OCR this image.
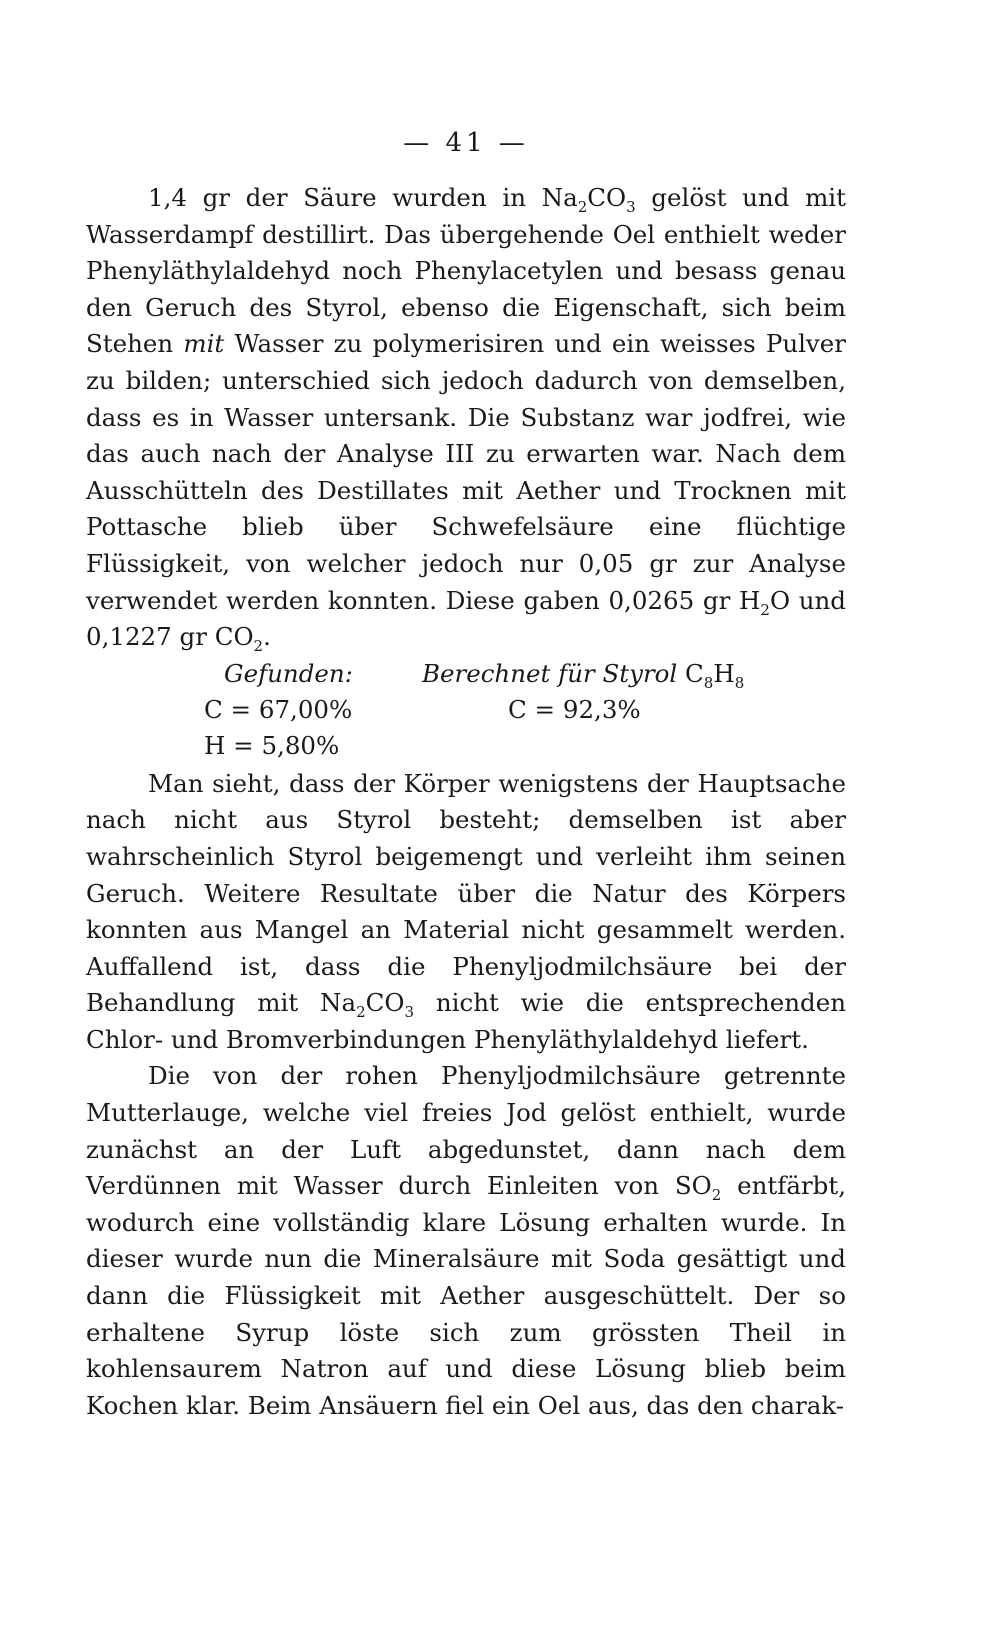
— 41 —

1,4 gr der Säure wurden in $Na_2CO_3$ gelöst und mit Wasserdampf destillirt. Das übergehende Oel enthielt weder Phenyläthylaldehyd noch Phenylacetylen und besass genau den Geruch des Styrol, ebenso die Eigenschaft, sich beim Stehen mit Wasser zu polymerisiren und ein weisses Pulver zu bilden; unterschied sich jedoch dadurch von demselben, dass es in Wasser untersank. Die Substanz war jodfrei, wie das auch nach der Analyse III zu erwarten war. Nach dem Ausschütteln des Destillates mit Aether und Trocknen mit Pottasche blieb über Schwefelsäure eine flüchtige Flüssigkeit, von welcher jedoch nur 0,05 gr zur Analyse verwendet werden konnten. Diese gaben 0,0265 gr $H_2O$ und 0,1227 gr $CO_2$.

Gefunden:	Berechnet für Styrol $C_8H_8$
C = 67,00%	C = 92,3%
H = 5,80%

Man sieht, dass der Körper wenigstens der Hauptsache nach nicht aus Styrol besteht; demselben ist aber wahrscheinlich Styrol beigemengt und verleiht ihm seinen Geruch. Weitere Resultate über die Natur des Körpers konnten aus Mangel an Material nicht gesammelt werden. Auffallend ist, dass die Phenyljodmilchsäure bei der Behandlung mit $Na_2CO_3$ nicht wie die entsprechenden Chlor- und Bromverbindungen Phenyläthylaldehyd liefert.

Die von der rohen Phenyljodmilchsäure getrennte Mutterlauge, welche viel freies Jod gelöst enthielt, wurde zunächst an der Luft abgedunstet, dann nach dem Verdünnen mit Wasser durch Einleiten von $SO_2$ entfärbt, wodurch eine vollständig klare Lösung erhalten wurde. In dieser wurde nun die Mineralsäure mit Soda gesättigt und dann die Flüssigkeit mit Aether ausgeschüttelt. Der so erhaltene Syrup löste sich zum grössten Theil in kohlensaurem Natron auf und diese Lösung blieb beim Kochen klar. Beim Ansäuern fiel ein Oel aus, das den charak-
